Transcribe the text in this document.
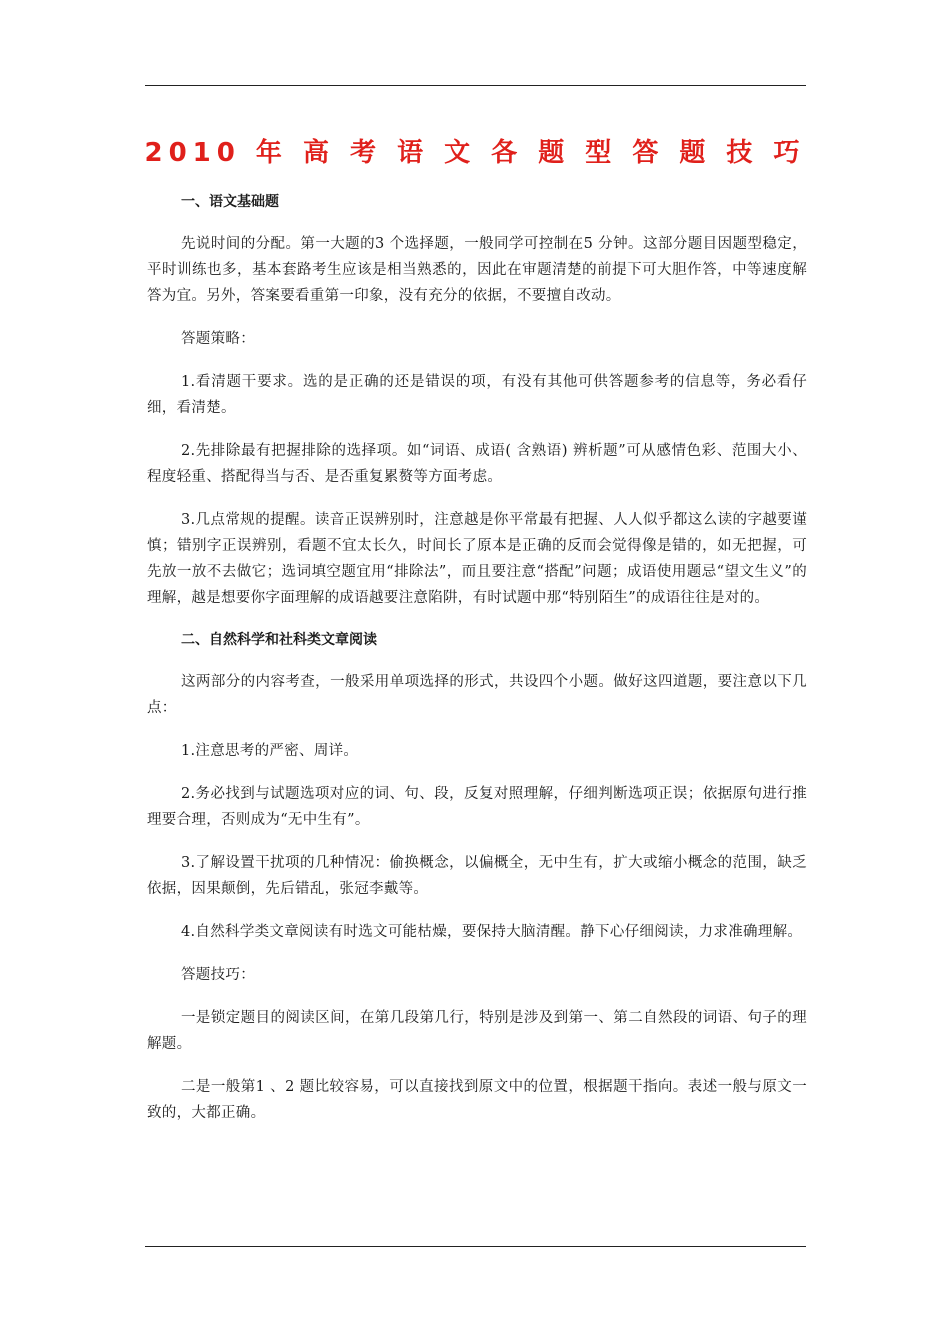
2010 年 高 考 语 文 各 题 型 答 题 技 巧

一、语文基础题

先说时间的分配。第一大题的3 个选择题，一般同学可控制在5 分钟。这部分题目因题型稳定，平时训练也多，基本套路考生应该是相当熟悉的，因此在审题清楚的前提下可大胆作答，中等速度解答为宜。另外，答案要看重第一印象，没有充分的依据，不要擅自改动。

答题策略：

1.看清题干要求。选的是正确的还是错误的项，有没有其他可供答题参考的信息等，务必看仔细，看清楚。

2.先排除最有把握排除的选择项。如“词语、成语( 含熟语) 辨析题”可从感情色彩、范围大小、程度轻重、搭配得当与否、是否重复累赘等方面考虑。

3.几点常规的提醒。读音正误辨别时，注意越是你平常最有把握、人人似乎都这么读的字越要谨慎；错别字正误辨别，看题不宜太长久，时间长了原本是正确的反而会觉得像是错的，如无把握，可先放一放不去做它；选词填空题宜用“排除法”，而且要注意“搭配”问题；成语使用题忌“望文生义”的理解，越是想要你字面理解的成语越要注意陷阱，有时试题中那“特别陌生”的成语往往是对的。

二、自然科学和社科类文章阅读

这两部分的内容考查，一般采用单项选择的形式，共设四个小题。做好这四道题，要注意以下几点：

1.注意思考的严密、周详。

2.务必找到与试题选项对应的词、句、段，反复对照理解，仔细判断选项正误；依据原句进行推理要合理，否则成为“无中生有”。

3.了解设置干扰项的几种情况：偷换概念，以偏概全，无中生有，扩大或缩小概念的范围，缺乏依据，因果颠倒，先后错乱，张冠李戴等。

4.自然科学类文章阅读有时选文可能枯燥，要保持大脑清醒。静下心仔细阅读，力求准确理解。

答题技巧：

一是锁定题目的阅读区间，在第几段第几行，特别是涉及到第一、第二自然段的词语、句子的理解题。

二是一般第1 、2 题比较容易，可以直接找到原文中的位置，根据题干指向。表述一般与原文一致的，大都正确。
